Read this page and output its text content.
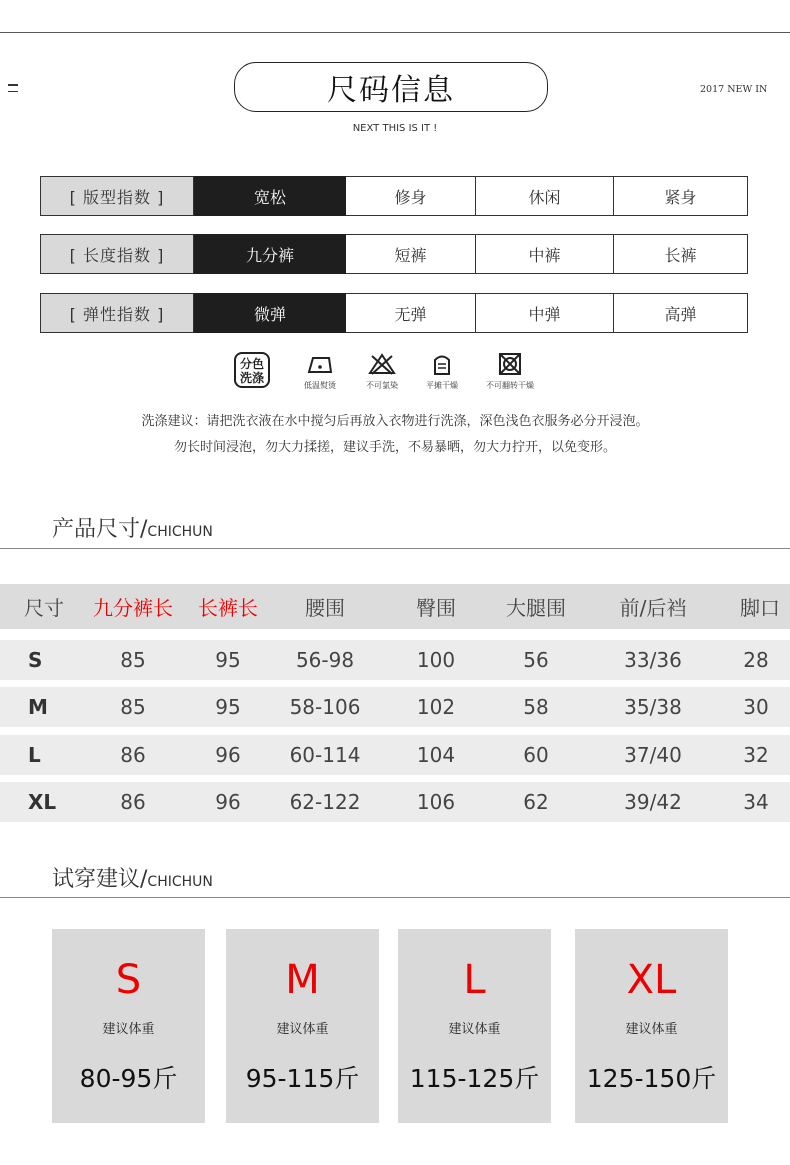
尺码信息	2017 NEW IN
NEXT THIS IS IT !
[ 版型指数 ]	宽松	修身	休闲	紧身
[ 长度指数 ]	九分裤	短裤	中裤	长裤
[ 弹性指数 ]	微弹	无弹	中弹	高弹
分色
洗涤
低温熨烫	不可氯染	平摊干燥	不可翻转干燥
洗涤建议：请把洗衣液在水中搅匀后再放入衣物进行洗涤，深色浅色衣服务必分开浸泡。
勿长时间浸泡，勿大力揉搓，建议手洗，不易暴晒，勿大力拧开，以免变形。
产品尺寸/CHICHUN
尺寸	九分裤长	长裤长	腰围	臀围	大腿围	前/后裆	脚口
S	85	95	56-98	100	56	33/36	28
M	85	95	58-106	102	58	35/38	30
L	86	96	60-114	104	60	37/40	32
XL	86	96	62-122	106	62	39/42	34
试穿建议/CHICHUN
S
建议体重
80-95斤
M
建议体重
95-115斤
L
建议体重
115-125斤
XL
建议体重
125-150斤
